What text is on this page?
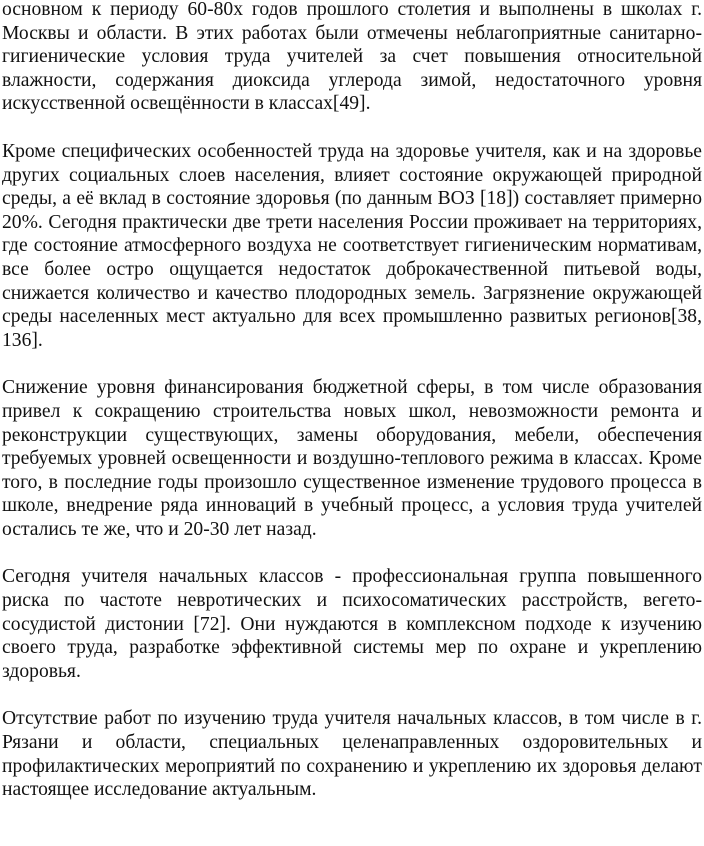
основном к периоду 60-80х годов прошлого столетия и выполнены в школах г. Москвы и области. В этих работах были отмечены неблагоприятные санитарно-гигиенические условия труда учителей за счет повышения относительной влажности, содержания диоксида углерода зимой, недостаточного уровня искусственной освещённости в классах[49].

Кроме специфических особенностей труда на здоровье учителя, как и на здоровье других социальных слоев населения, влияет состояние окружающей природной среды, а её вклад в состояние здоровья (по данным ВОЗ [18]) составляет примерно 20%. Сегодня практически две трети населения России проживает на территориях, где состояние атмосферного воздуха не соответствует гигиеническим нормативам, все более остро ощущается недостаток доброкачественной питьевой воды, снижается количество и качество плодородных земель. Загрязнение окружающей среды населенных мест актуально для всех промышленно развитых регионов[38, 136].

Снижение уровня финансирования бюджетной сферы, в том числе образования привел к сокращению строительства новых школ, невозможности ремонта и реконструкции существующих, замены оборудования, мебели, обеспечения требуемых уровней освещенности и воздушно-теплового режима в классах. Кроме того, в последние годы произошло существенное изменение трудового процесса в школе, внедрение ряда инноваций в учебный процесс, а условия труда учителей остались те же, что и 20-30 лет назад.

Сегодня учителя начальных классов - профессиональная группа повышенного риска по частоте невротических и психосоматических расстройств, вегето-сосудистой дистонии [72]. Они нуждаются в комплексном подходе к изучению своего труда, разработке эффективной системы мер по охране и укреплению здоровья.

Отсутствие работ по изучению труда учителя начальных классов, в том числе в г. Рязани и области, специальных целенаправленных оздоровительных и профилактических мероприятий по сохранению и укреплению их здоровья делают настоящее исследование актуальным.
